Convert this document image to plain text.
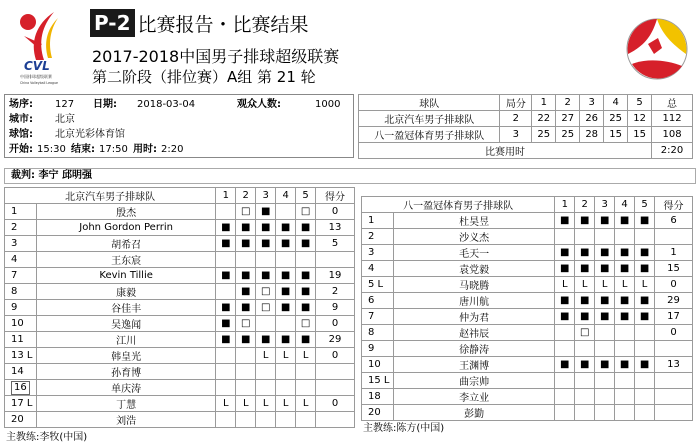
CVL
中国排球超级联赛
China Volleyball League
P-2 比赛报告・比赛结果
2017-2018中国男子排球超级联赛
第二阶段（排位赛）A组 第 21 轮
场序: 127 日期: 2018-03-04	观众人数:	1000
城市: 北京
球馆: 北京光彩体育馆
开始: 15:30 结束: 17:50 用时: 2:20
球队	局分	1	2	3	4	5	总
北京汽车男子排球队	2	22	27	26	25	12	112
八一盈冠体育男子排球队	3	25	25	28	15	15	108
比赛用时							2:20
裁判: 李宁 邱明强
北京汽车男子排球队		1	2	3	4	5	得分
1	殷杰		□	■		□	0
2	John Gordon Perrin	■	■	■	■	■	13
3	胡希召	■	■	■	■	■	5
4	王东宸						
7	Kevin Tillie	■	■	■	■	■	19
8	康毅		■	□	■	■	2
9	谷佳丰	■	■	□	■	■	9
10	吴逸闻	■	□			□	0
11	江川	■	■	■	■	■	29
13 L	韩皇光			L	L	L	0
14	孙育博						
16	单庆涛						
17 L	丁慧	L	L	L	L	L	0
20	刘浩						
主教练:李牧(中国)
八一盈冠体育男子排球队		1	2	3	4	5	得分
1	杜昊昱	■	■	■	■	■	6
2	沙义杰						
3	毛天一	■	■	■	■	■	1
4	袁党毅	■	■	■	■	■	15
5 L	马晓腾	L	L	L	L	L	0
6	唐川航	■	■	■	■	■	29
7	仲为君	■	■	■	■	■	17
8	赵祎辰		□				0
9	徐静涛						
10	王渊博	■	■	■	■	■	13
15 L	曲宗帅						
18	李立业						
20	彭勤						
主教练:陈方(中国)
